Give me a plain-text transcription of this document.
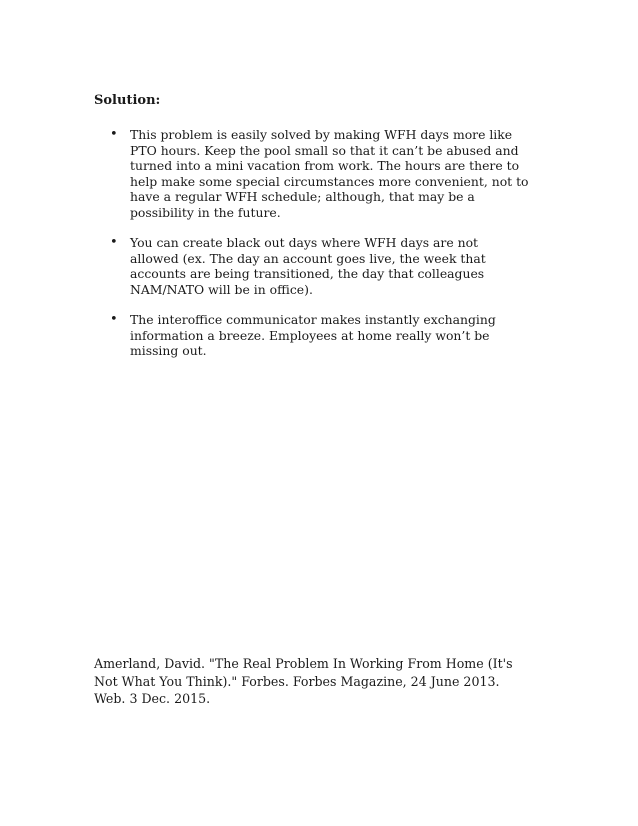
Solution:

• This problem is easily solved by making WFH days more like PTO hours. Keep the pool small so that it can’t be abused and turned into a mini vacation from work. The hours are there to help make some special circumstances more convenient, not to have a regular WFH schedule; although, that may be a possibility in the future.
• You can create black out days where WFH days are not allowed (ex. The day an account goes live, the week that accounts are being transitioned, the day that colleagues NAM/NATO will be in office).
• The interoffice communicator makes instantly exchanging information a breeze. Employees at home really won’t be missing out.

Amerland, David. "The Real Problem In Working From Home (It's Not What You Think)." Forbes. Forbes Magazine, 24 June 2013. Web. 3 Dec. 2015.
